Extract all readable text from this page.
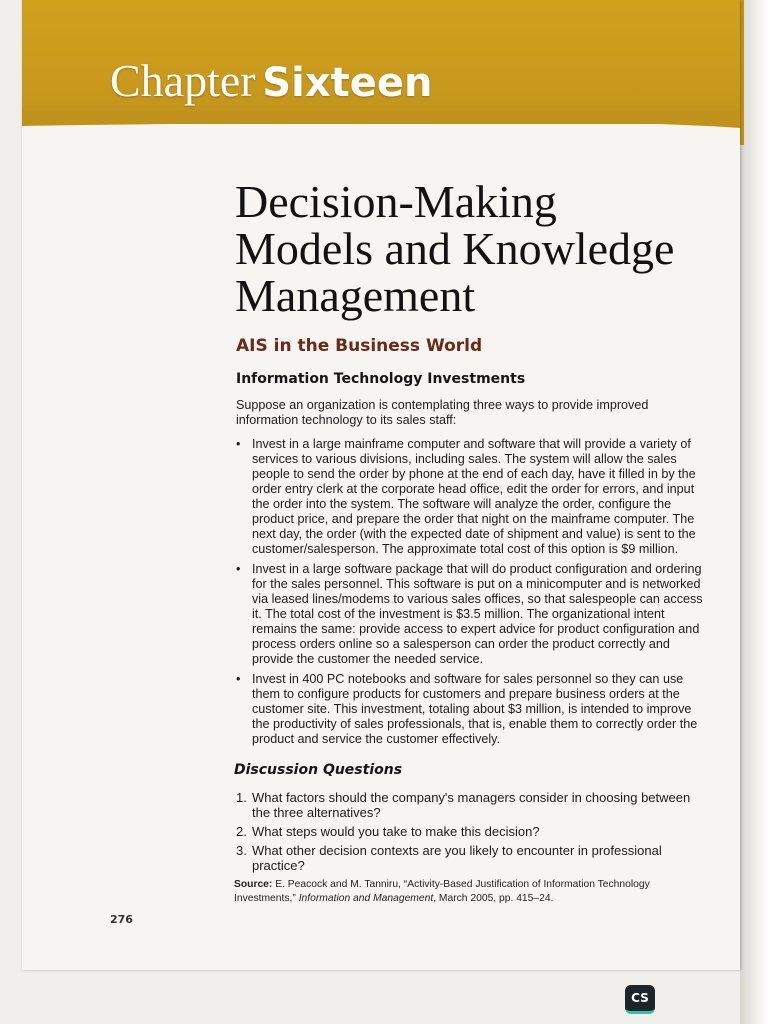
Chapter Sixteen
Decision-Making
Models and Knowledge
Management
AIS in the Business World
Information Technology Investments

Suppose an organization is contemplating three ways to provide improved information technology to its sales staff:

• Invest in a large mainframe computer and software that will provide a variety of services to various divisions, including sales. The system will allow the sales people to send the order by phone at the end of each day, have it filled in by the order entry clerk at the corporate head office, edit the order for errors, and input the order into the system. The software will analyze the order, configure the product price, and prepare the order that night on the mainframe computer. The next day, the order (with the expected date of shipment and value) is sent to the customer/salesperson. The approximate total cost of this option is $9 million.
• Invest in a large software package that will do product configuration and ordering for the sales personnel. This software is put on a minicomputer and is networked via leased lines/modems to various sales offices, so that salespeople can access it. The total cost of the investment is $3.5 million. The organizational intent remains the same: provide access to expert advice for product configuration and process orders online so a salesperson can order the product correctly and provide the customer the needed service.
• Invest in 400 PC notebooks and software for sales personnel so they can use them to configure products for customers and prepare business orders at the customer site. This investment, totaling about $3 million, is intended to improve the productivity of sales professionals, that is, enable them to correctly order the product and service the customer effectively.
Discussion Questions
1. What factors should the company's managers consider in choosing between the three alternatives?
2. What steps would you take to make this decision?
3. What other decision contexts are you likely to encounter in professional practice?

Source: E. Peacock and M. Tanniru, “Activity-Based Justification of Information Technology Investments,” Information and Management, March 2005, pp. 415–24.

276
CS
